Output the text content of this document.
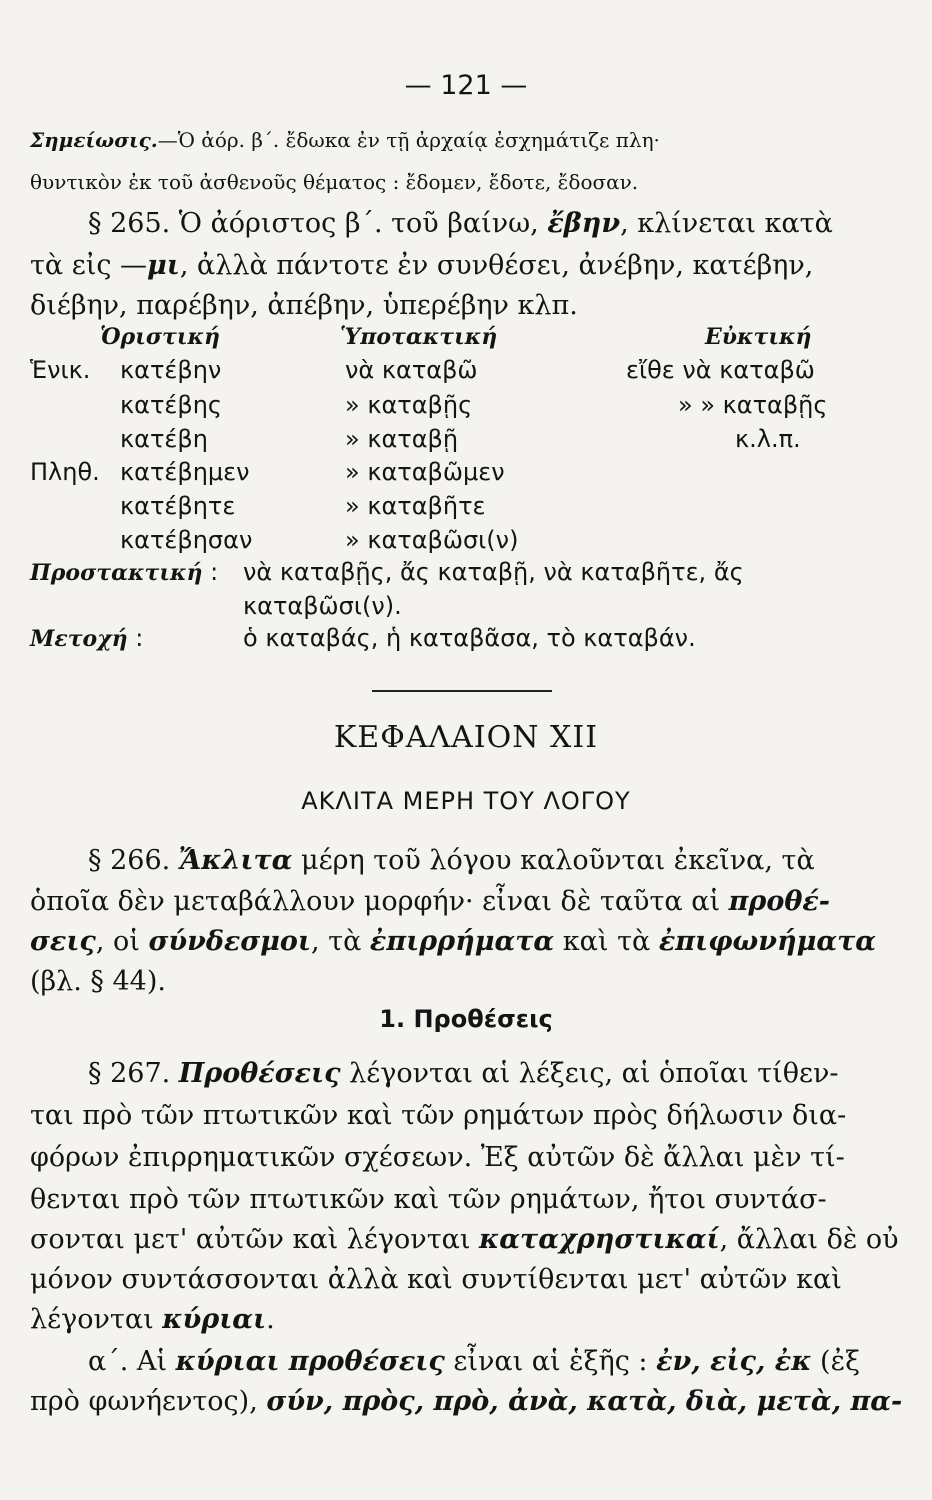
— 121 —
Σημείωσις.—Ὁ ἀόρ. β΄. ἔδωκα ἐν τῇ ἀρχαίᾳ ἐσχημάτιζε πλη·
θυντικὸν ἐκ τοῦ ἀσθενοῦς θέματος : ἔδομεν, ἔδοτε, ἔδοσαν.
§ 265. Ὁ ἀόριστος β΄. τοῦ βαίνω, ἔβην, κλίνεται κατὰ
τὰ εἰς —μι, ἀλλὰ πάντοτε ἐν συνθέσει, ἀνέβην, κατέβην,
διέβην, παρέβην, ἀπέβην, ὑπερέβην κλπ.
Ὁριστική	Ὑποτακτική	Εὐκτική
Ἑνικ. κατέβην	νὰ καταβῶ	εἴθε νὰ καταβῶ
κατέβης	» καταβῇς	» » καταβῇς
κατέβη	» καταβῇ	κ.λ.π.
Πληθ. κατέβημεν	» καταβῶμεν
κατέβητε	» καταβῆτε
κατέβησαν	» καταβῶσι(ν)
Προστακτική : νὰ καταβῇς, ἄς καταβῇ, νὰ καταβῆτε, ἄς
καταβῶσι(ν).
Μετοχή :	ὁ καταβάς, ἡ καταβᾶσα, τὸ καταβάν.
ΚΕΦΑΛΑΙΟΝ XII
ΑΚΛΙΤΑ ΜΕΡΗ ΤΟΥ ΛΟΓΟΥ
§ 266. Ἄκλιτα μέρη τοῦ λόγου καλοῦνται ἐκεῖνα, τὰ
ὁποῖα δὲν μεταβάλλουν μορφήν· εἶναι δὲ ταῦτα αἱ προθέ-
σεις, οἱ σύνδεσμοι, τὰ ἐπιρρήματα καὶ τὰ ἐπιφωνήματα
(βλ. § 44).
1. Προθέσεις
§ 267. Προθέσεις λέγονται αἱ λέξεις, αἱ ὁποῖαι τίθεν-
ται πρὸ τῶν πτωτικῶν καὶ τῶν ρημάτων πρὸς δήλωσιν δια-
φόρων ἐπιρρηματικῶν σχέσεων. Ἐξ αὐτῶν δὲ ἄλλαι μὲν τί-
θενται πρὸ τῶν πτωτικῶν καὶ τῶν ρημάτων, ἤτοι συντάσ-
σονται μετ' αὐτῶν καὶ λέγονται καταχρηστικαί, ἄλλαι δὲ οὐ
μόνον συντάσσονται ἀλλὰ καὶ συντίθενται μετ' αὐτῶν καὶ
λέγονται κύριαι.
α΄. Αἱ κύριαι προθέσεις εἶναι αἱ ἑξῆς : ἐν, εἰς, ἐκ (ἐξ
πρὸ φωνήεντος), σύν, πρὸς, πρὸ, ἀνὰ, κατὰ, διὰ, μετὰ, πα-
